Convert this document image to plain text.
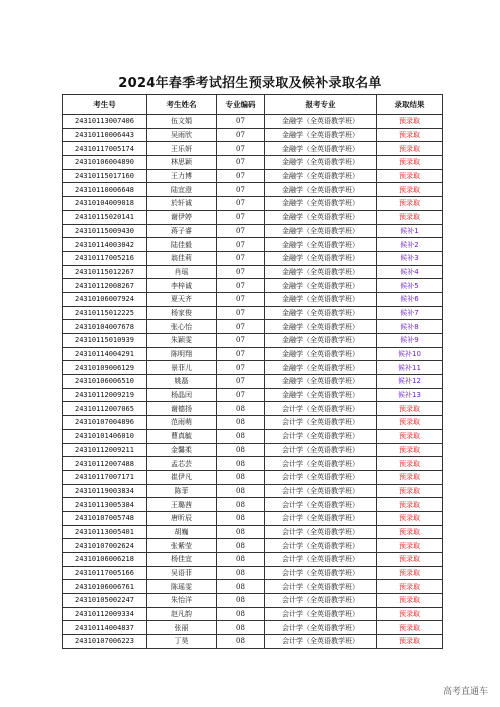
2024年春季考试招生预录取及候补录取名单
考生号	考生姓名	专业编码	报考专业	录取结果
24310113007406	伍文娟	07	金融学（全英语教学班）	预录取
24310110006443	吴雨欣	07	金融学（全英语教学班）	预录取
24310117005174	王乐妍	07	金融学（全英语教学班）	预录取
24310106004890	林思颖	07	金融学（全英语教学班）	预录取
24310115017160	王力博	07	金融学（全英语教学班）	预录取
24310110006648	陆宜澄	07	金融学（全英语教学班）	预录取
24310104009018	於轩诚	07	金融学（全英语教学班）	预录取
24310115020141	谢伊婷	07	金融学（全英语教学班）	预录取
24310115009430	蒋子睿	07	金融学（全英语教学班）	候补1
24310114003042	陆佳毅	07	金融学（全英语教学班）	候补2
24310117005216	翁佳莉	07	金融学（全英语教学班）	候补3
24310115012267	肖瑶	07	金融学（全英语教学班）	候补4
24310112008267	李梓诚	07	金融学（全英语教学班）	候补5
24310106007924	夏天齐	07	金融学（全英语教学班）	候补6
24310115012225	杨家俊	07	金融学（全英语教学班）	候补7
24310104007678	张心怡	07	金融学（全英语教学班）	候补8
24310115010939	朱颖雯	07	金融学（全英语教学班）	候补9
24310114004291	陈明翔	07	金融学（全英语教学班）	候补10
24310109006129	景菲儿	07	金融学（全英语教学班）	候补11
24310106006510	姚磊	07	金融学（全英语教学班）	候补12
24310112009219	杨晶闰	07	金融学（全英语教学班）	候补13
24310112007065	谢德扬	08	会计学（全英语教学班）	预录取
24310107004896	范雨萌	08	会计学（全英语教学班）	预录取
24310101406010	曹真毓	08	会计学（全英语教学班）	预录取
24310112009211	金馨柔	08	会计学（全英语教学班）	预录取
24310112007488	孟芯芸	08	会计学（全英语教学班）	预录取
24310117007171	崔伊凡	08	会计学（全英语教学班）	预录取
24310119003834	陈菲	08	会计学（全英语教学班）	预录取
24310113005384	王璐茜	08	会计学（全英语教学班）	预录取
24310107005748	唐昕辰	08	会计学（全英语教学班）	预录取
24310113005401	胡巍	08	会计学（全英语教学班）	预录取
24310107002624	张紫莹	08	会计学（全英语教学班）	预录取
24310106006218	杨佳宜	08	会计学（全英语教学班）	预录取
24310117005166	吴语菲	08	会计学（全英语教学班）	预录取
24310106006761	陈瑶雯	08	会计学（全英语教学班）	预录取
24310105002247	朱怡洋	08	会计学（全英语教学班）	预录取
24310112009334	赵凡韵	08	会计学（全英语教学班）	预录取
24310114004837	张丽	08	会计学（全英语教学班）	预录取
24310107006223	丁昊	08	会计学（全英语教学班）	预录取
高考直通车
